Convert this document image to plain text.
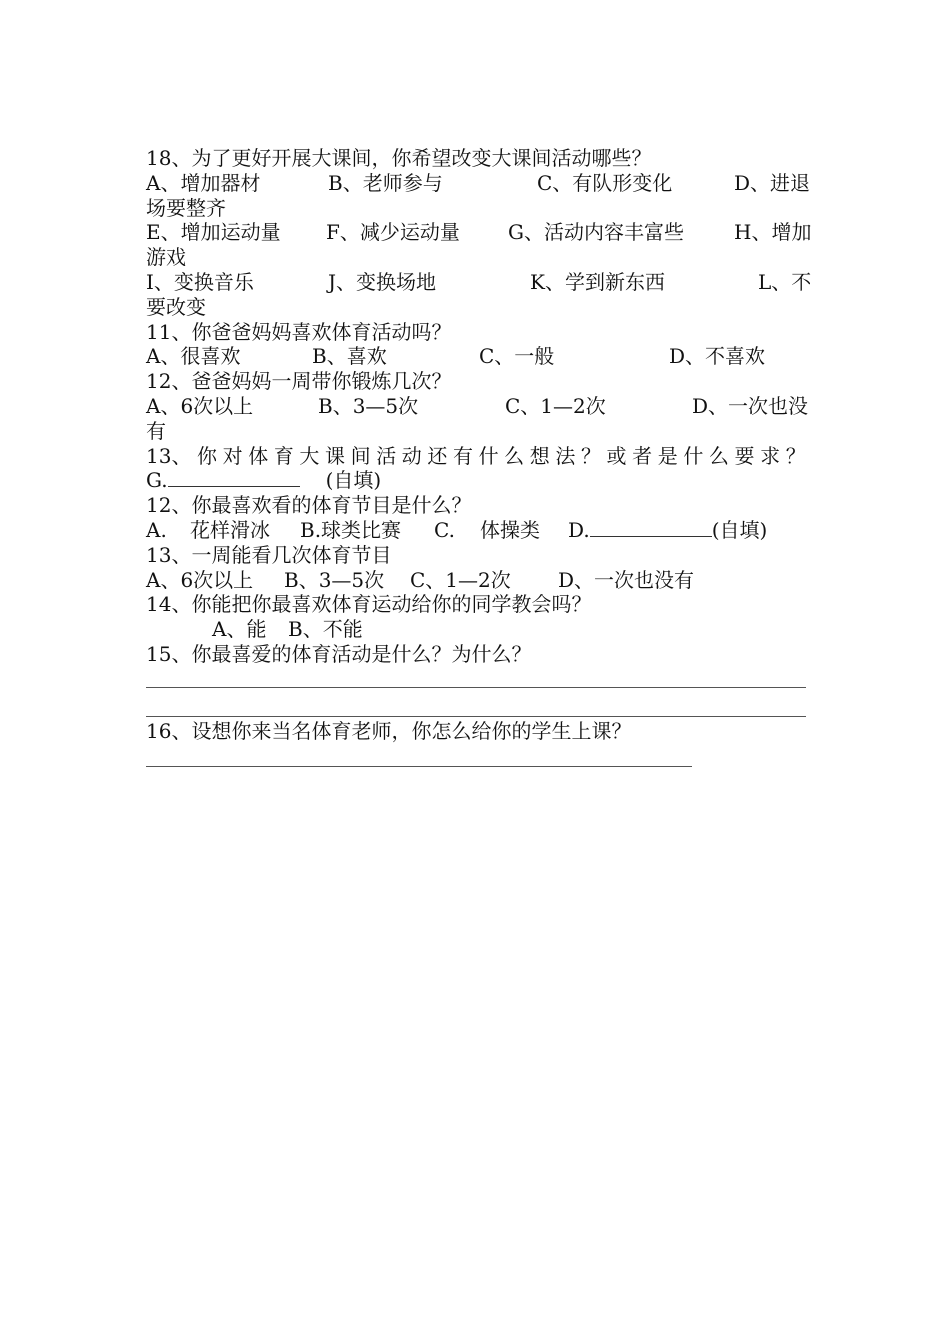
18、为了更好开展大课间，你希望改变大课间活动哪些？
A、增加器材	B、老师参与	C、有队形变化	D、进退
场要整齐
E、增加运动量 F、减少运动量 G、活动内容丰富些	H、增加
游戏
I、变换音乐	J、变换场地	K、学到新东西	L、不
要改变
11、你爸爸妈妈喜欢体育活动吗？
A、很喜欢	B、喜欢	C、一般	D、不喜欢
12、爸爸妈妈一周带你锻炼几次？
A、6次以上	B、3—5次	C、1—2次	D、一次也没
有
13、 你 对 体 育 大 课 间 活 动 还 有 什 么 想 法 ？ 或 者 是 什 么 要 求 ？
G.	(自填)
12、你最喜欢看的体育节目是什么？
A. 花样滑冰 B.球类比赛 C. 体操类 D.	(自填)
13、一周能看几次体育节目
A、6次以上 B、3—5次 C、1—2次 D、一次也没有
14、你能把你最喜欢体育运动给你的同学教会吗？
A、能 B、不能
15、你最喜爱的体育活动是什么？为什么？
16、设想你来当名体育老师，你怎么给你的学生上课？
